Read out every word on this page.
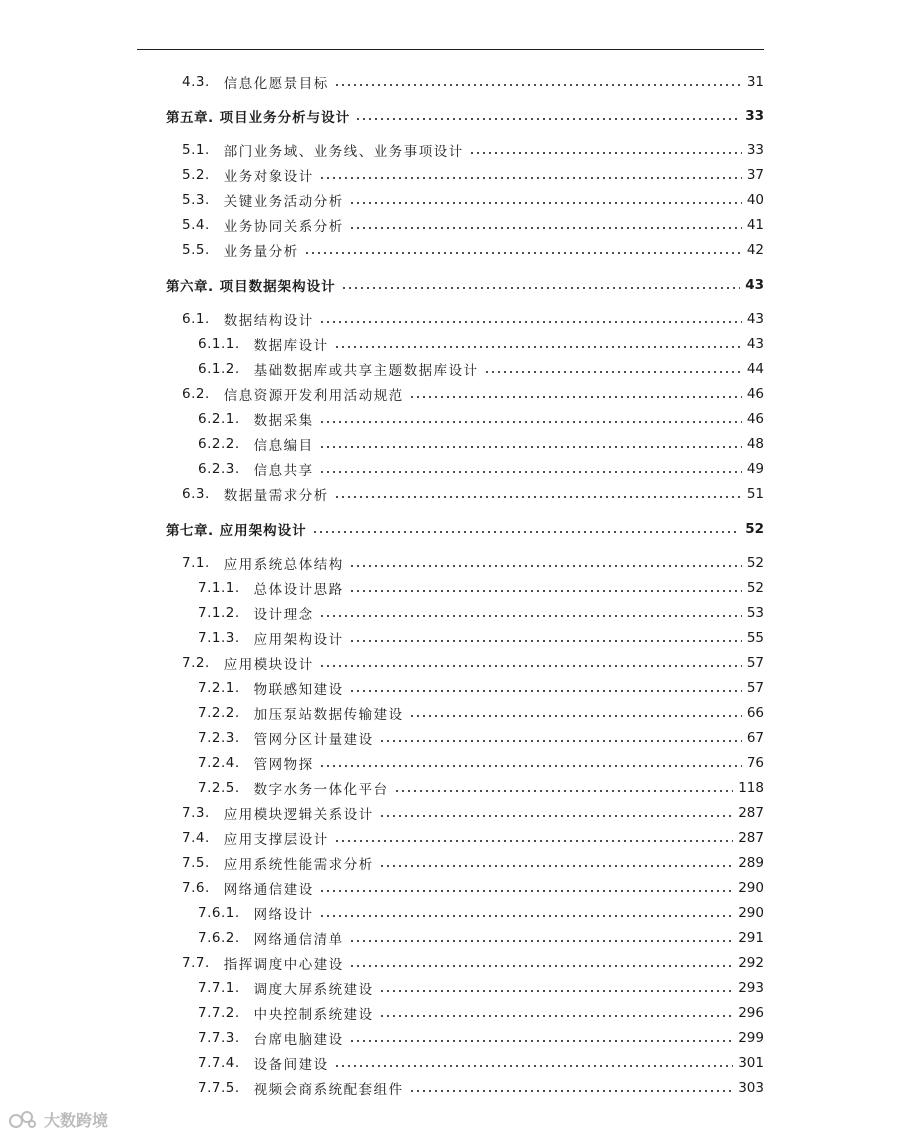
4.3. 信息化愿景目标	31
第五章. 项目业务分析与设计	33
5.1. 部门业务域、业务线、业务事项设计	33
5.2. 业务对象设计	37
5.3. 关键业务活动分析	40
5.4. 业务协同关系分析	41
5.5. 业务量分析	42
第六章. 项目数据架构设计	43
6.1. 数据结构设计	43
6.1.1. 数据库设计	43
6.1.2. 基础数据库或共享主题数据库设计	44
6.2. 信息资源开发利用活动规范	46
6.2.1. 数据采集	46
6.2.2. 信息编目	48
6.2.3. 信息共享	49
6.3. 数据量需求分析	51
第七章. 应用架构设计	52
7.1. 应用系统总体结构	52
7.1.1. 总体设计思路	52
7.1.2. 设计理念	53
7.1.3. 应用架构设计	55
7.2. 应用模块设计	57
7.2.1. 物联感知建设	57
7.2.2. 加压泵站数据传输建设	66
7.2.3. 管网分区计量建设	67
7.2.4. 管网物探	76
7.2.5. 数字水务一体化平台	118
7.3. 应用模块逻辑关系设计	287
7.4. 应用支撑层设计	287
7.5. 应用系统性能需求分析	289
7.6. 网络通信建设	290
7.6.1. 网络设计	290
7.6.2. 网络通信清单	291
7.7. 指挥调度中心建设	292
7.7.1. 调度大屏系统建设	293
7.7.2. 中央控制系统建设	296
7.7.3. 台席电脑建设	299
7.7.4. 设备间建设	301
7.7.5. 视频会商系统配套组件	303
大数跨境
